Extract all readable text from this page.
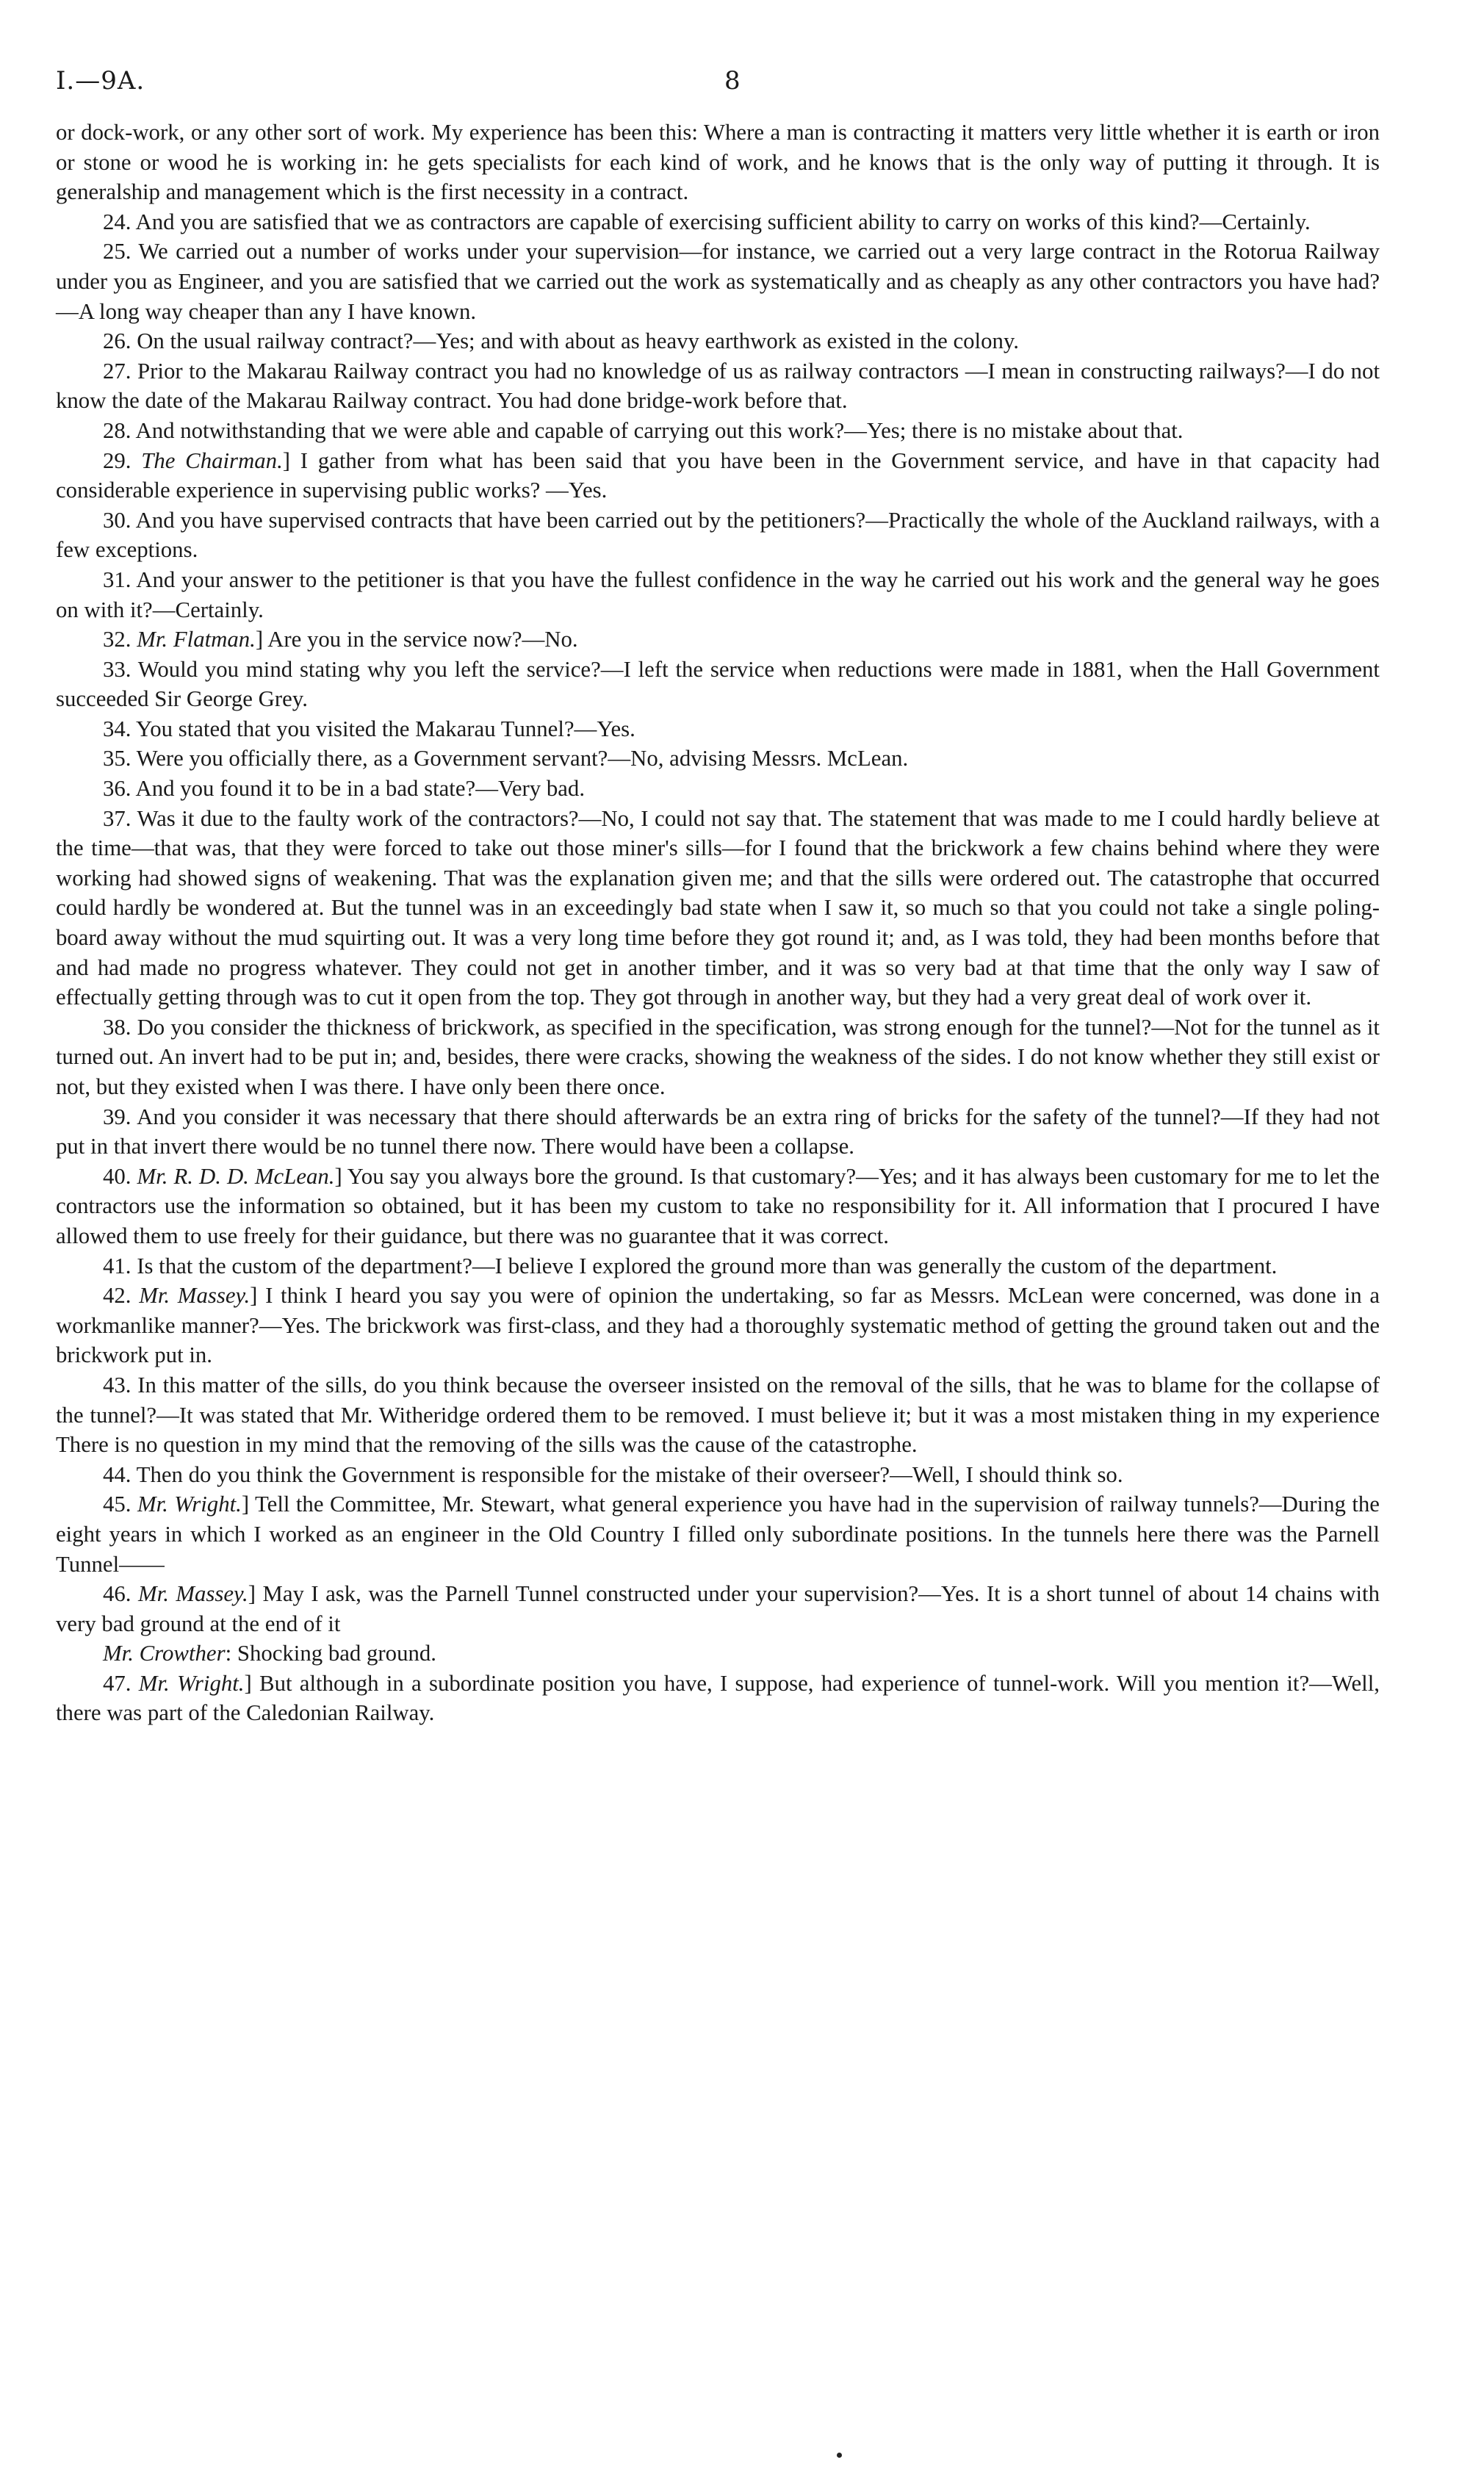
I.—9A.	8

or dock-work, or any other sort of work. My experience has been this: Where a man is contracting it matters very little whether it is earth or iron or stone or wood he is working in: he gets specialists for each kind of work, and he knows that is the only way of putting it through. It is generalship and management which is the first necessity in a contract.

24. And you are satisfied that we as contractors are capable of exercising sufficient ability to carry on works of this kind?—Certainly.

25. We carried out a number of works under your supervision—for instance, we carried out a very large contract in the Rotorua Railway under you as Engineer, and you are satisfied that we carried out the work as systematically and as cheaply as any other contractors you have had?—A long way cheaper than any I have known.

26. On the usual railway contract?—Yes; and with about as heavy earthwork as existed in the colony.

27. Prior to the Makarau Railway contract you had no knowledge of us as railway contractors —I mean in constructing railways?—I do not know the date of the Makarau Railway contract. You had done bridge-work before that.

28. And notwithstanding that we were able and capable of carrying out this work?—Yes; there is no mistake about that.

29. The Chairman.] I gather from what has been said that you have been in the Government service, and have in that capacity had considerable experience in supervising public works? —Yes.

30. And you have supervised contracts that have been carried out by the petitioners?—Practically the whole of the Auckland railways, with a few exceptions.

31. And your answer to the petitioner is that you have the fullest confidence in the way he carried out his work and the general way he goes on with it?—Certainly.

32. Mr. Flatman.] Are you in the service now?—No.

33. Would you mind stating why you left the service?—I left the service when reductions were made in 1881, when the Hall Government succeeded Sir George Grey.

34. You stated that you visited the Makarau Tunnel?—Yes.

35. Were you officially there, as a Government servant?—No, advising Messrs. McLean.

36. And you found it to be in a bad state?—Very bad.

37. Was it due to the faulty work of the contractors?—No, I could not say that. The statement that was made to me I could hardly believe at the time—that was, that they were forced to take out those miner's sills—for I found that the brickwork a few chains behind where they were working had showed signs of weakening. That was the explanation given me; and that the sills were ordered out. The catastrophe that occurred could hardly be wondered at. But the tunnel was in an exceedingly bad state when I saw it, so much so that you could not take a single poling-board away without the mud squirting out. It was a very long time before they got round it; and, as I was told, they had been months before that and had made no progress whatever. They could not get in another timber, and it was so very bad at that time that the only way I saw of effectually getting through was to cut it open from the top. They got through in another way, but they had a very great deal of work over it.

38. Do you consider the thickness of brickwork, as specified in the specification, was strong enough for the tunnel?—Not for the tunnel as it turned out. An invert had to be put in; and, besides, there were cracks, showing the weakness of the sides. I do not know whether they still exist or not, but they existed when I was there. I have only been there once.

39. And you consider it was necessary that there should afterwards be an extra ring of bricks for the safety of the tunnel?—If they had not put in that invert there would be no tunnel there now. There would have been a collapse.

40. Mr. R. D. D. McLean.] You say you always bore the ground. Is that customary?—Yes; and it has always been customary for me to let the contractors use the information so obtained, but it has been my custom to take no responsibility for it. All information that I procured I have allowed them to use freely for their guidance, but there was no guarantee that it was correct.

41. Is that the custom of the department?—I believe I explored the ground more than was generally the custom of the department.

42. Mr. Massey.] I think I heard you say you were of opinion the undertaking, so far as Messrs. McLean were concerned, was done in a workmanlike manner?—Yes. The brickwork was first-class, and they had a thoroughly systematic method of getting the ground taken out and the brickwork put in.

43. In this matter of the sills, do you think because the overseer insisted on the removal of the sills, that he was to blame for the collapse of the tunnel?—It was stated that Mr. Witheridge ordered them to be removed. I must believe it; but it was a most mistaken thing in my experience There is no question in my mind that the removing of the sills was the cause of the catastrophe.

44. Then do you think the Government is responsible for the mistake of their overseer?—Well, I should think so.

45. Mr. Wright.] Tell the Committee, Mr. Stewart, what general experience you have had in the supervision of railway tunnels?—During the eight years in which I worked as an engineer in the Old Country I filled only subordinate positions. In the tunnels here there was the Parnell Tunnel——

46. Mr. Massey.] May I ask, was the Parnell Tunnel constructed under your supervision?—Yes. It is a short tunnel of about 14 chains with very bad ground at the end of it

Mr. Crowther: Shocking bad ground.

47. Mr. Wright.] But although in a subordinate position you have, I suppose, had experience of tunnel-work. Will you mention it?—Well, there was part of the Caledonian Railway.
